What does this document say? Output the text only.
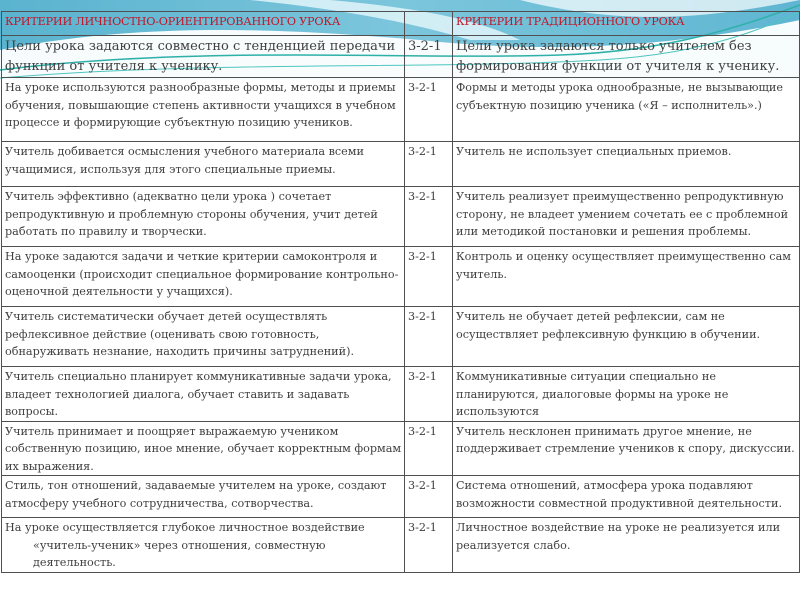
КРИТЕРИИ ЛИЧНОСТНО-ОРИЕНТИРОВАННОГО УРОКА		КРИТЕРИИ ТРАДИЦИОННОГО УРОКА
Цели урока задаются совместно с тенденцией передачи функции от учителя к ученику.	3-2-1	Цели урока задаются только учителем без формирования функции от учителя к ученику.
На уроке используются разнообразные формы, методы и приемы обучения, повышающие степень активности учащихся в учебном процессе и формирующие субъектную позицию учеников.	3-2-1	Формы и методы урока однообразные, не вызывающие субъектную позицию ученика («Я – исполнитель».)
Учитель добивается осмысления учебного материала всеми учащимися, используя для этого специальные приемы.	3-2-1	Учитель не использует специальных приемов.
Учитель эффективно (адекватно цели урока ) сочетает репродуктивную и проблемную стороны обучения, учит детей работать по правилу и творчески.	3-2-1	Учитель реализует преимущественно репродуктивную сторону, не владеет умением сочетать ее с проблемной или методикой постановки и решения проблемы.
На уроке задаются задачи и четкие критерии самоконтроля и самооценки (происходит специальное формирование контрольно-оценочной деятельности у учащихся).	3-2-1	Контроль и оценку осуществляет преимущественно сам учитель.
Учитель систематически обучает детей осуществлять рефлексивное действие (оценивать свою готовность, обнаруживать незнание, находить причины затруднений).	3-2-1	Учитель не обучает детей рефлексии, сам не осуществляет рефлексивную функцию в обучении.
Учитель специально планирует коммуникативные задачи урока, владеет технологией диалога, обучает ставить и задавать вопросы.	3-2-1	Коммуникативные ситуации специально не планируются, диалоговые формы на уроке не используются
Учитель принимает и поощряет выражаемую учеником собственную позицию, иное мнение, обучает корректным формам их выражения.	3-2-1	Учитель несклонен принимать другое мнение, не поддерживает стремление учеников к спору, дискуссии.
Стиль, тон отношений, задаваемые учителем на уроке, создают атмосферу учебного сотрудничества, сотворчества.	3-2-1	Система отношений, атмосфера урока подавляют возможности совместной продуктивной деятельности.
На уроке осуществляется глубокое личностное воздействие
«учитель-ученик» через отношения, совместную деятельность.	3-2-1	Личностное воздействие на уроке не реализуется или реализуется слабо.
